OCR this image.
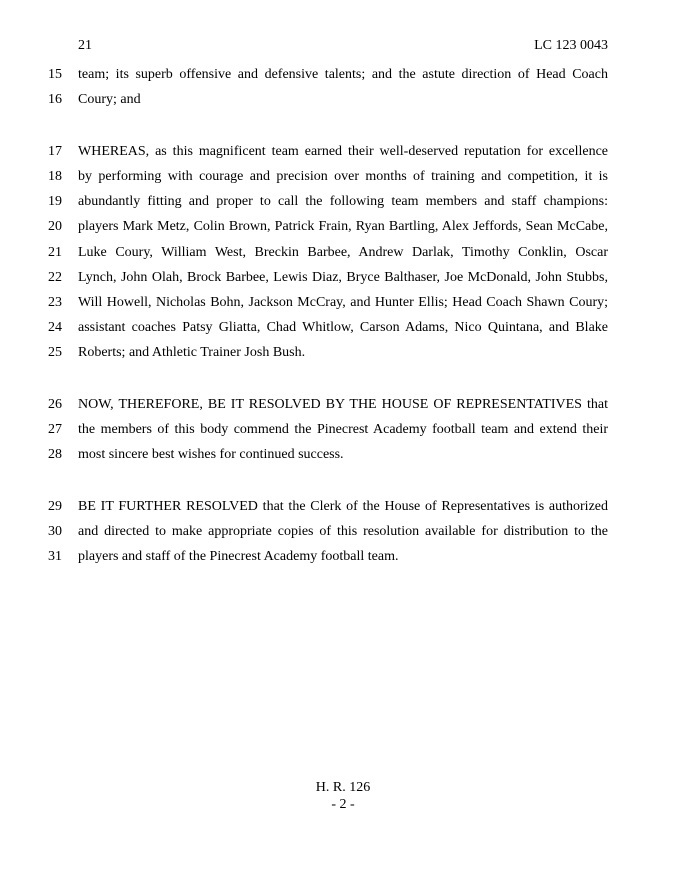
21	LC 123 0043
15	team; its superb offensive and defensive talents; and the astute direction of Head Coach
16	Coury; and
17	WHEREAS, as this magnificent team earned their well-deserved reputation for excellence
18	by performing with courage and precision over months of training and competition, it is
19	abundantly fitting and proper to call the following team members and staff champions:
20	players Mark Metz, Colin Brown, Patrick Frain, Ryan Bartling, Alex Jeffords, Sean McCabe,
21	Luke Coury, William West, Breckin Barbee, Andrew Darlak, Timothy Conklin, Oscar
22	Lynch, John Olah, Brock Barbee, Lewis Diaz, Bryce Balthaser, Joe McDonald, John Stubbs,
23	Will Howell, Nicholas Bohn, Jackson McCray, and Hunter Ellis; Head Coach Shawn Coury;
24	assistant coaches Patsy Gliatta, Chad Whitlow, Carson Adams, Nico Quintana, and Blake
25	Roberts; and Athletic Trainer Josh Bush.
26	NOW, THEREFORE, BE IT RESOLVED BY THE HOUSE OF REPRESENTATIVES that
27	the members of this body commend the Pinecrest Academy football team and extend their
28	most sincere best wishes for continued success.
29	BE IT FURTHER RESOLVED that the Clerk of the House of Representatives is authorized
30	and directed to make appropriate copies of this resolution available for distribution to the
31	players and staff of the Pinecrest Academy football team.
H. R. 126
- 2 -
